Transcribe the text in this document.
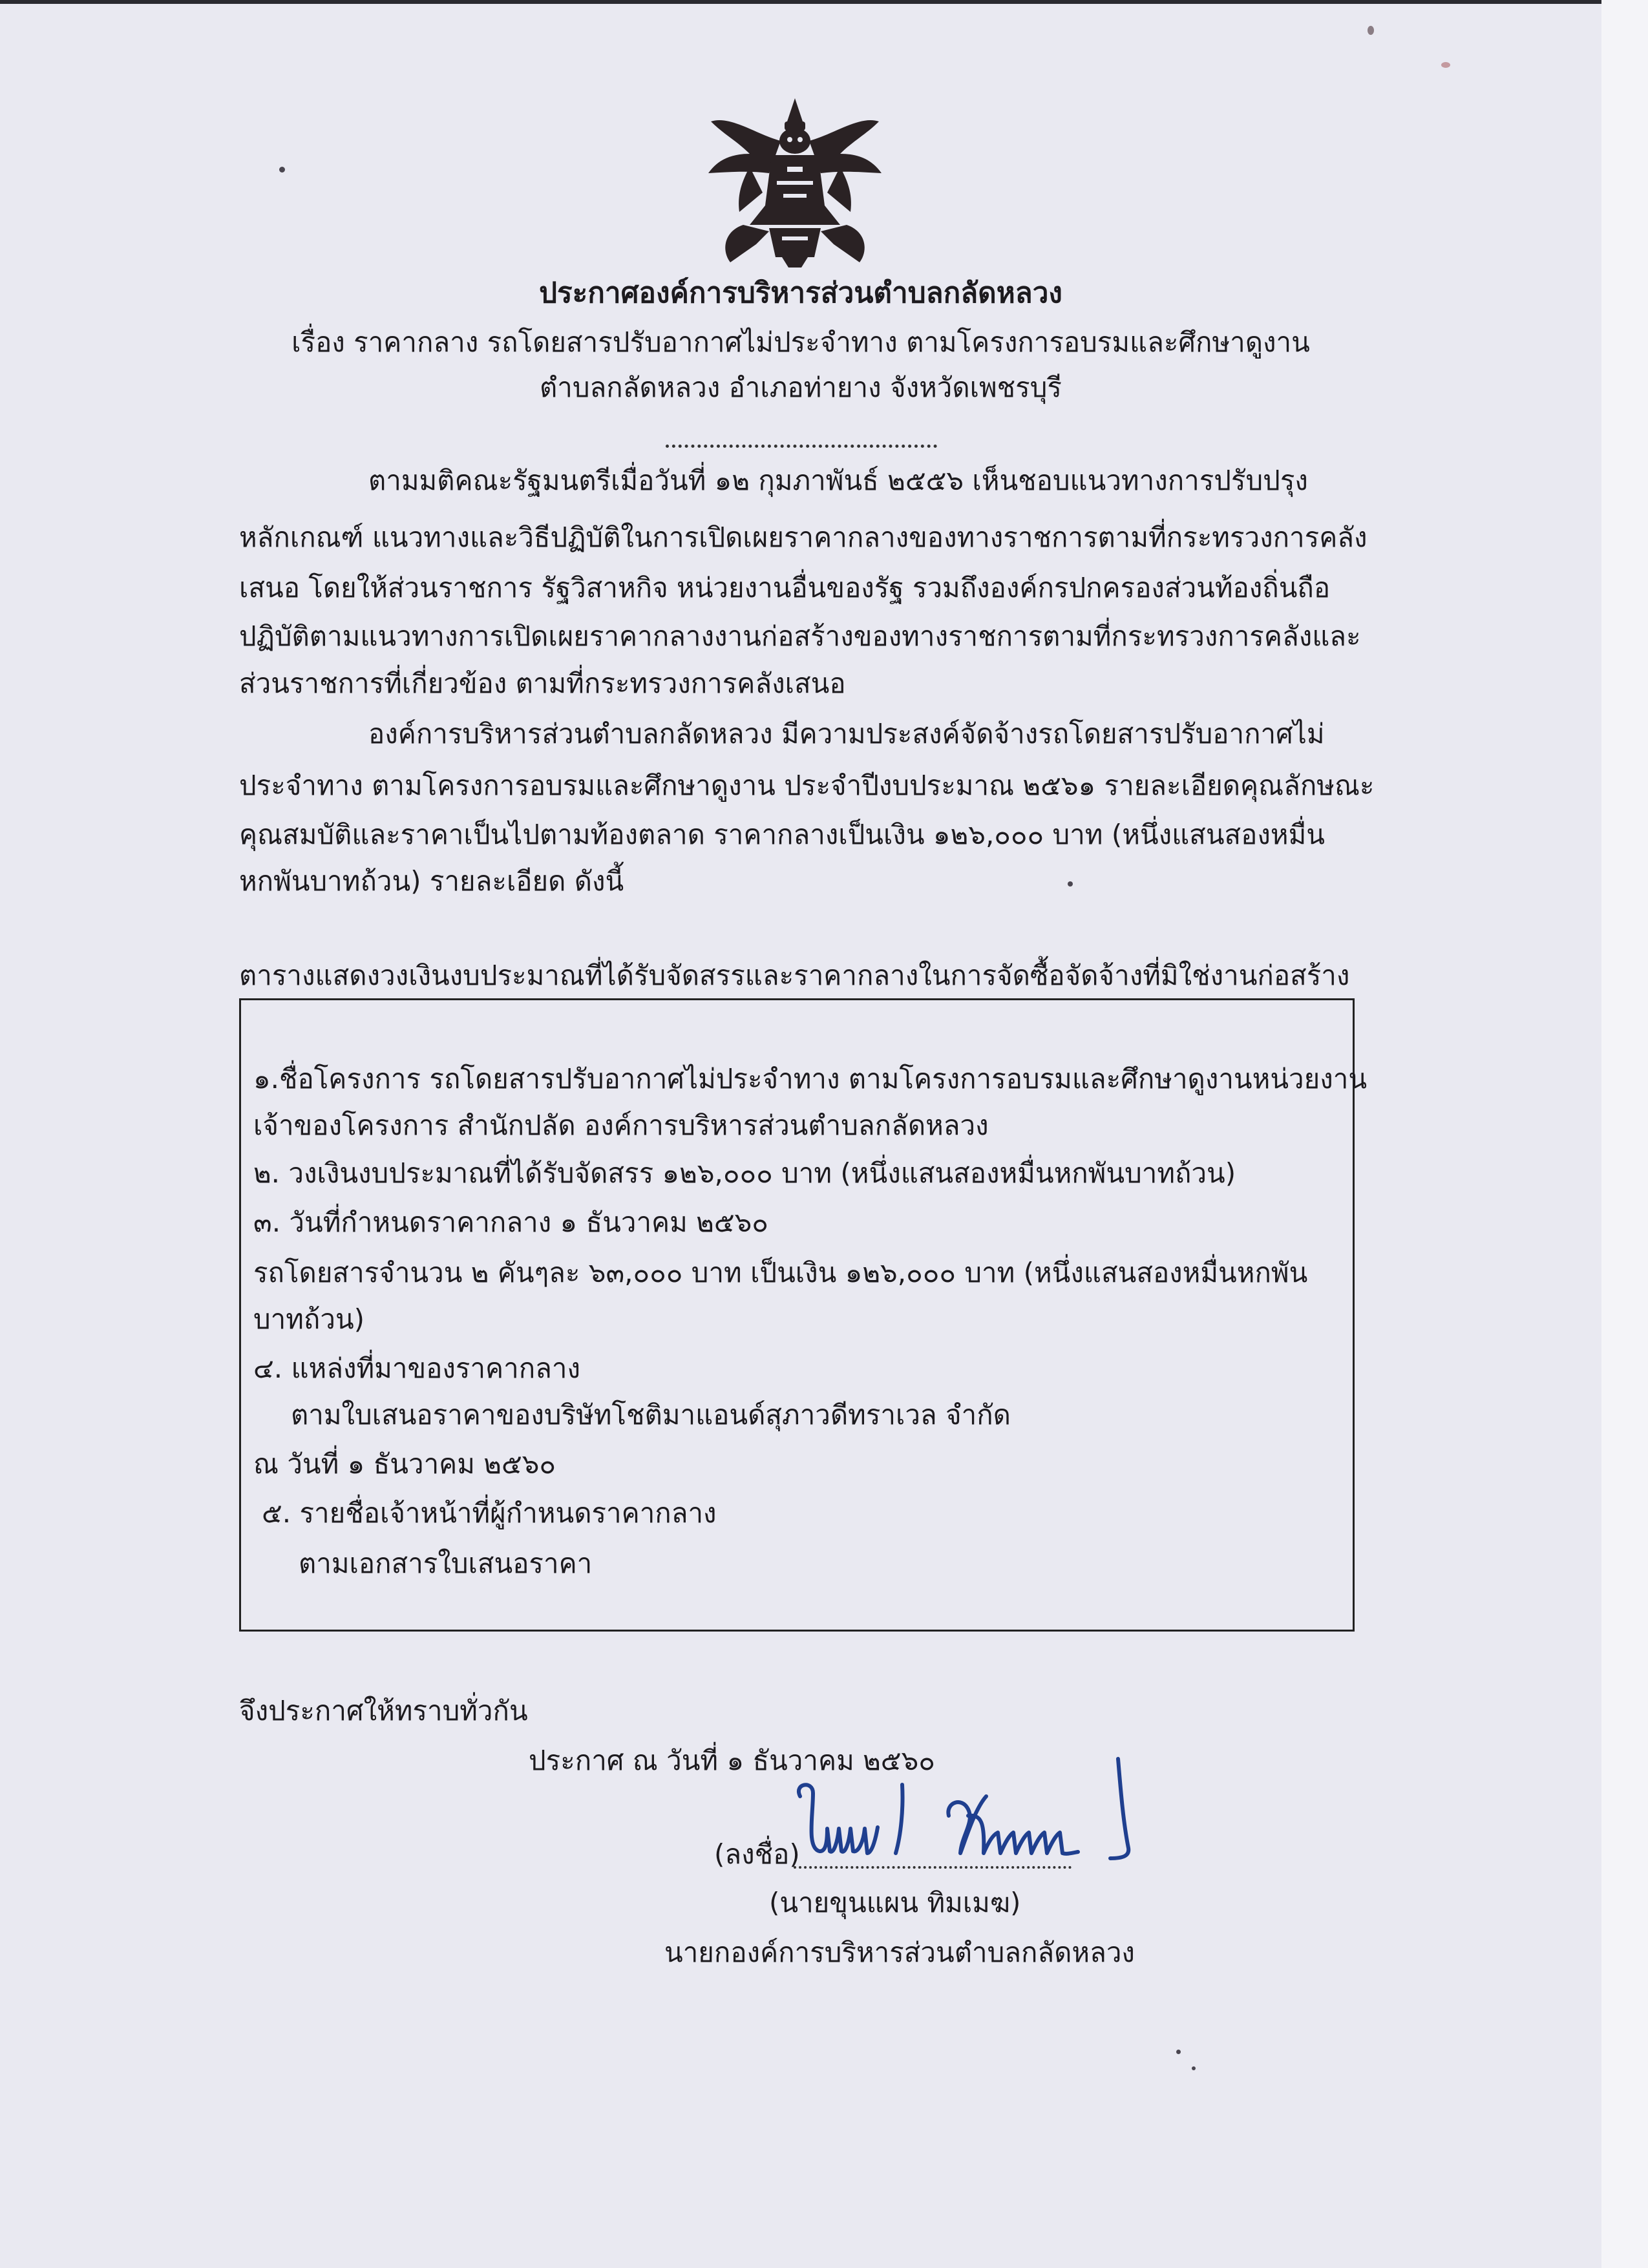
ประกาศองค์การบริหารส่วนตำบลกลัดหลวง
เรื่อง ราคากลาง รถโดยสารปรับอากาศไม่ประจำทาง ตามโครงการอบรมและศึกษาดูงาน
ตำบลกลัดหลวง อำเภอท่ายาง จังหวัดเพชรบุรี
ตามมติคณะรัฐมนตรีเมื่อวันที่ ๑๒ กุมภาพันธ์ ๒๕๕๖ เห็นชอบแนวทางการปรับปรุง
หลักเกณฑ์ แนวทางและวิธีปฏิบัติในการเปิดเผยราคากลางของทางราชการตามที่กระทรวงการคลัง
เสนอ โดยให้ส่วนราชการ รัฐวิสาหกิจ หน่วยงานอื่นของรัฐ รวมถึงองค์กรปกครองส่วนท้องถิ่นถือ
ปฏิบัติตามแนวทางการเปิดเผยราคากลางงานก่อสร้างของทางราชการตามที่กระทรวงการคลังและ
ส่วนราชการที่เกี่ยวข้อง ตามที่กระทรวงการคลังเสนอ
องค์การบริหารส่วนตำบลกลัดหลวง มีความประสงค์จัดจ้างรถโดยสารปรับอากาศไม่
ประจำทาง ตามโครงการอบรมและศึกษาดูงาน ประจำปีงบประมาณ ๒๕๖๑ รายละเอียดคุณลักษณะ
คุณสมบัติและราคาเป็นไปตามท้องตลาด ราคากลางเป็นเงิน ๑๒๖,๐๐๐ บาท (หนึ่งแสนสองหมื่น
หกพันบาทถ้วน) รายละเอียด ดังนี้
ตารางแสดงวงเงินงบประมาณที่ได้รับจัดสรรและราคากลางในการจัดซื้อจัดจ้างที่มิใช่งานก่อสร้าง
๑.ชื่อโครงการ รถโดยสารปรับอากาศไม่ประจำทาง ตามโครงการอบรมและศึกษาดูงานหน่วยงาน
เจ้าของโครงการ สำนักปลัด องค์การบริหารส่วนตำบลกลัดหลวง
๒. วงเงินงบประมาณที่ได้รับจัดสรร ๑๒๖,๐๐๐ บาท (หนึ่งแสนสองหมื่นหกพันบาทถ้วน)
๓. วันที่กำหนดราคากลาง ๑ ธันวาคม ๒๕๖๐
รถโดยสารจำนวน ๒ คันๆละ ๖๓,๐๐๐ บาท เป็นเงิน ๑๒๖,๐๐๐ บาท (หนึ่งแสนสองหมื่นหกพัน
บาทถ้วน)
๔. แหล่งที่มาของราคากลาง
ตามใบเสนอราคาของบริษัทโชติมาแอนด์สุภาวดีทราเวล จำกัด
ณ วันที่ ๑ ธันวาคม ๒๕๖๐
๕. รายชื่อเจ้าหน้าที่ผู้กำหนดราคากลาง
ตามเอกสารใบเสนอราคา
จึงประกาศให้ทราบทั่วกัน
ประกาศ ณ วันที่ ๑ ธันวาคม ๒๕๖๐
(ลงชื่อ)
(นายขุนแผน ทิมเมฆ)
นายกองค์การบริหารส่วนตำบลกลัดหลวง
